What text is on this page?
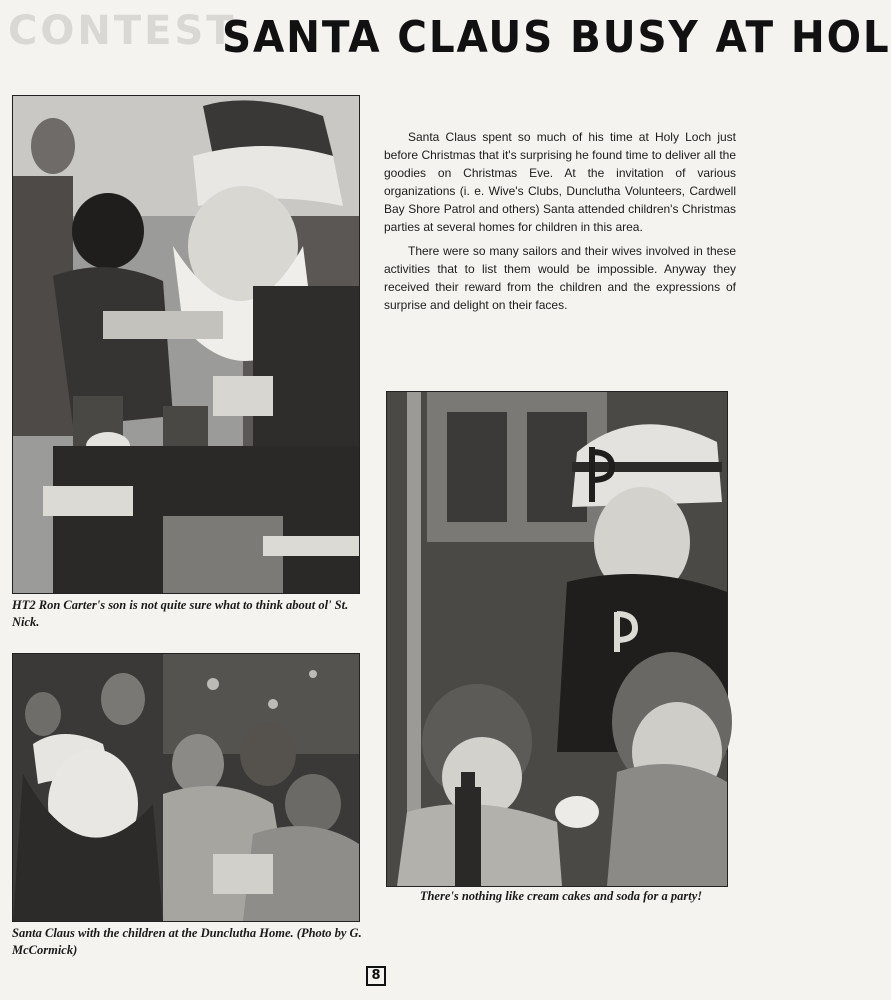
CONTEST
SANTA CLAUS BUSY AT HOL
HT2 Ron Carter's son is not quite sure what to think about ol' St. Nick.
Santa Claus with the children at the Dunclutha Home. (Photo by G. McCormick)

Santa Claus spent so much of his time at Holy Loch just before Christmas that it's surprising he found time to deliver all the goodies on Christmas Eve. At the invitation of various organizations (i. e. Wive's Clubs, Dunclutha Volunteers, Cardwell Bay Shore Patrol and others) Santa attended children's Christmas parties at several homes for children in this area.

There were so many sailors and their wives involved in these activities that to list them would be impossible. Anyway they received their reward from the children and the expressions of surprise and delight on their faces.

There's nothing like cream cakes and soda for a party!
8
